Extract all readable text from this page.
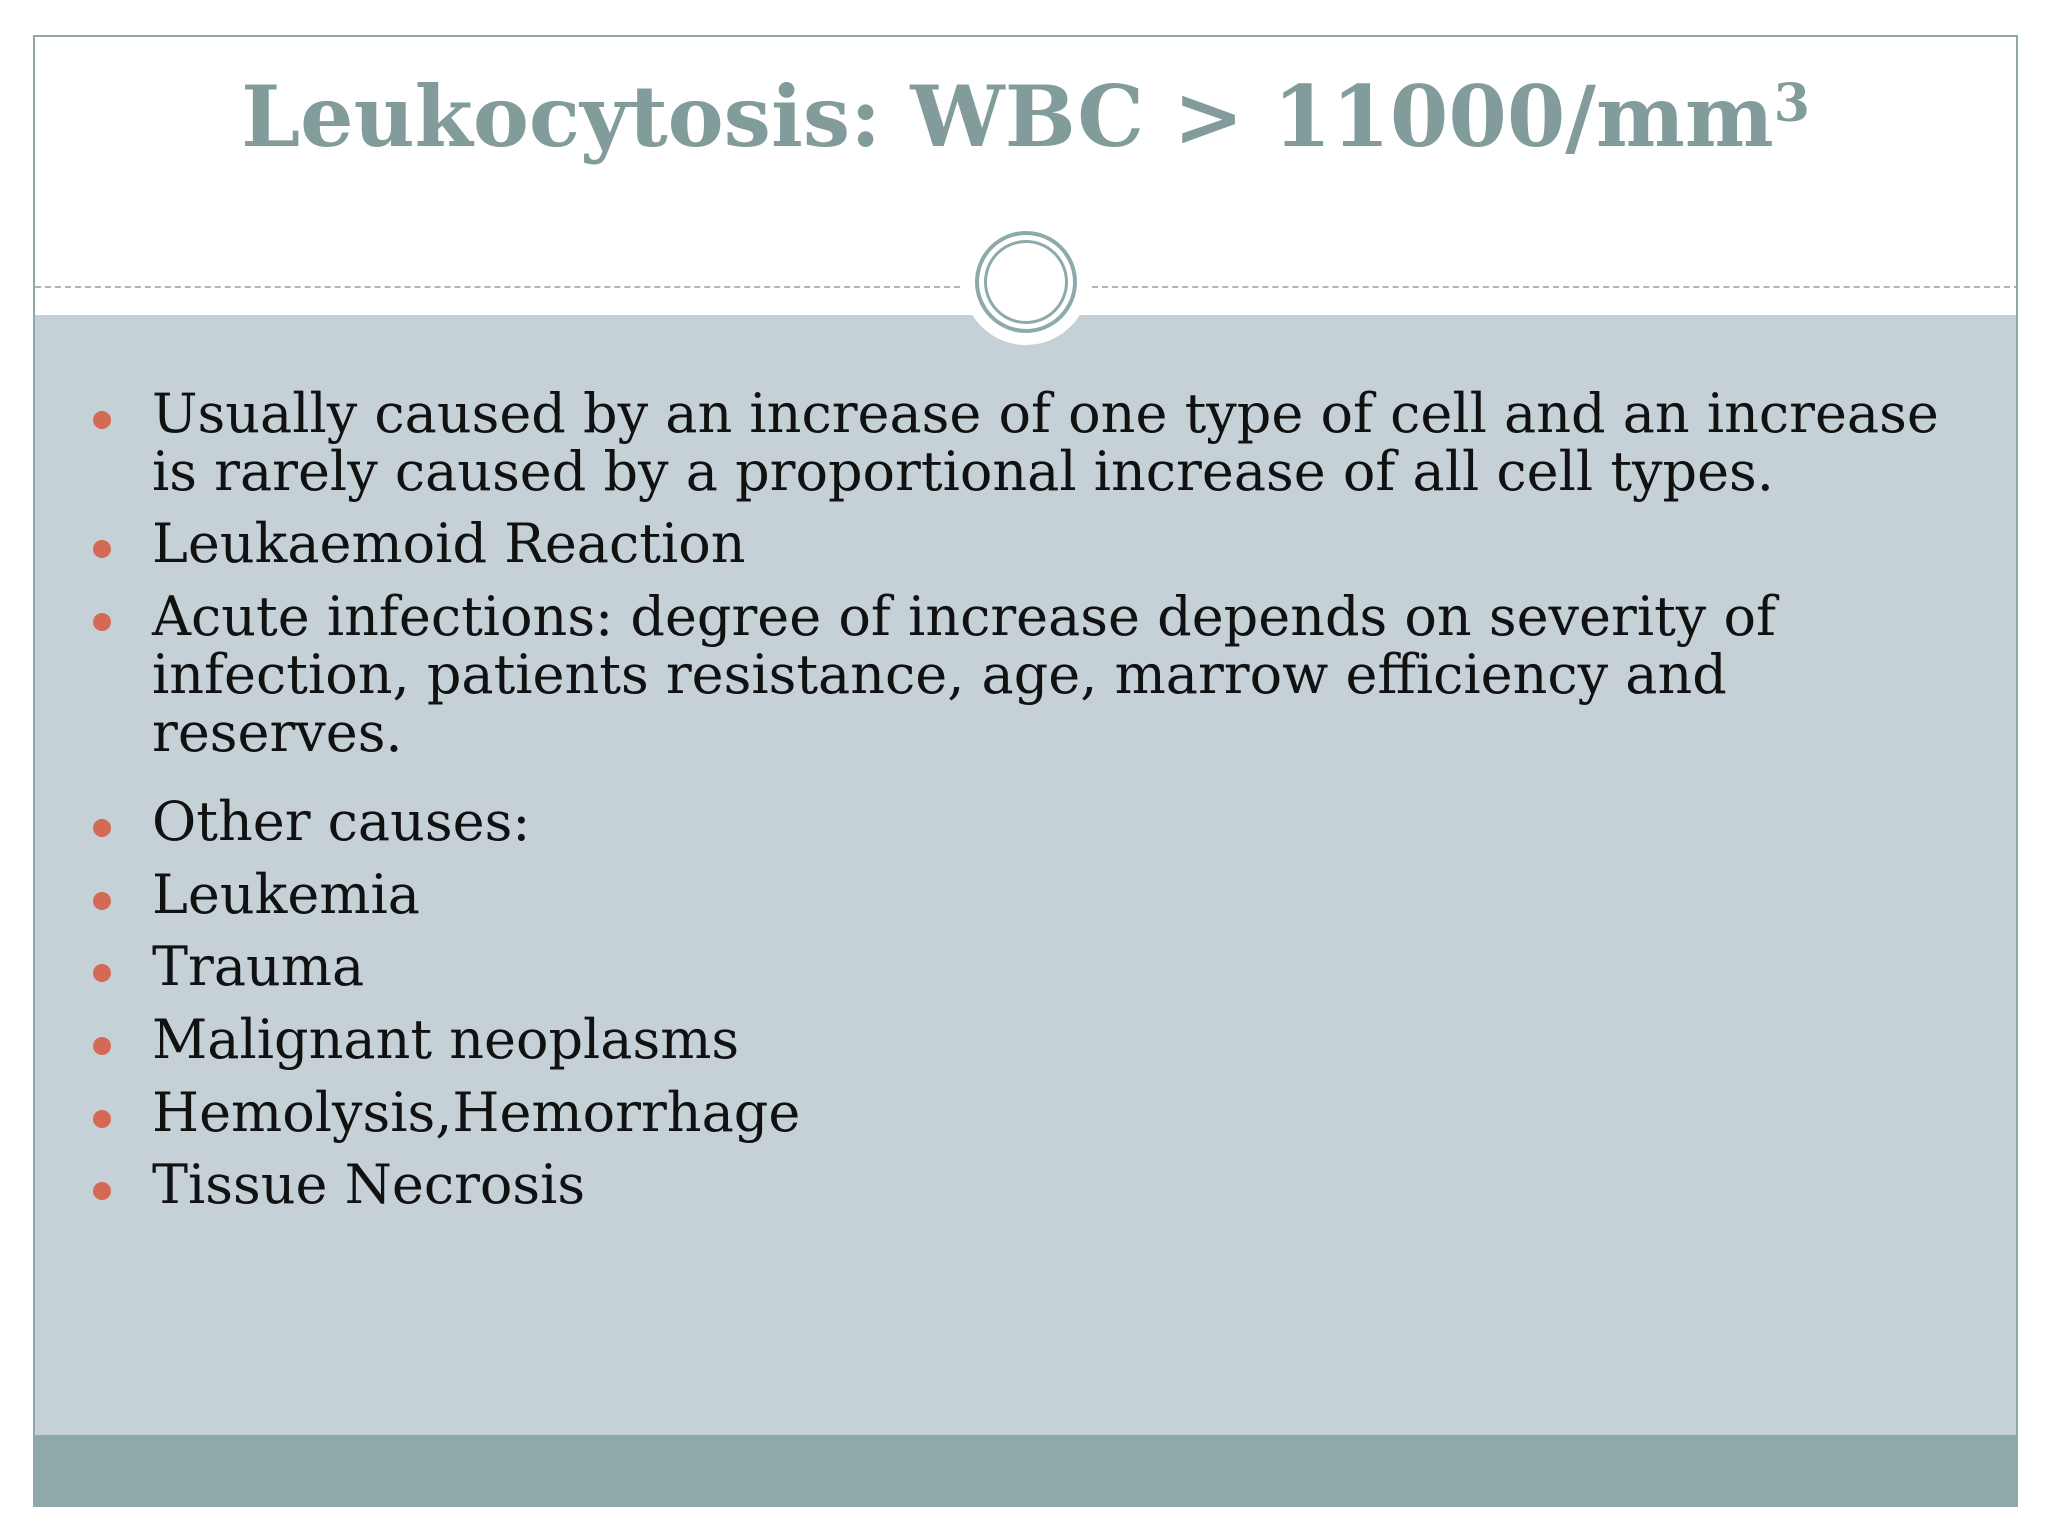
Leukocytosis: WBC > $11000/mm^3$
Usually caused by an increase of one type of cell and an increase is rarely caused by a proportional increase of all cell types.
Leukaemoid Reaction
Acute infections: degree of increase depends on severity of infection, patients resistance, age, marrow efficiency and reserves.
Other causes:
Leukemia
Trauma
Malignant neoplasms
Hemolysis,Hemorrhage
Tissue Necrosis
